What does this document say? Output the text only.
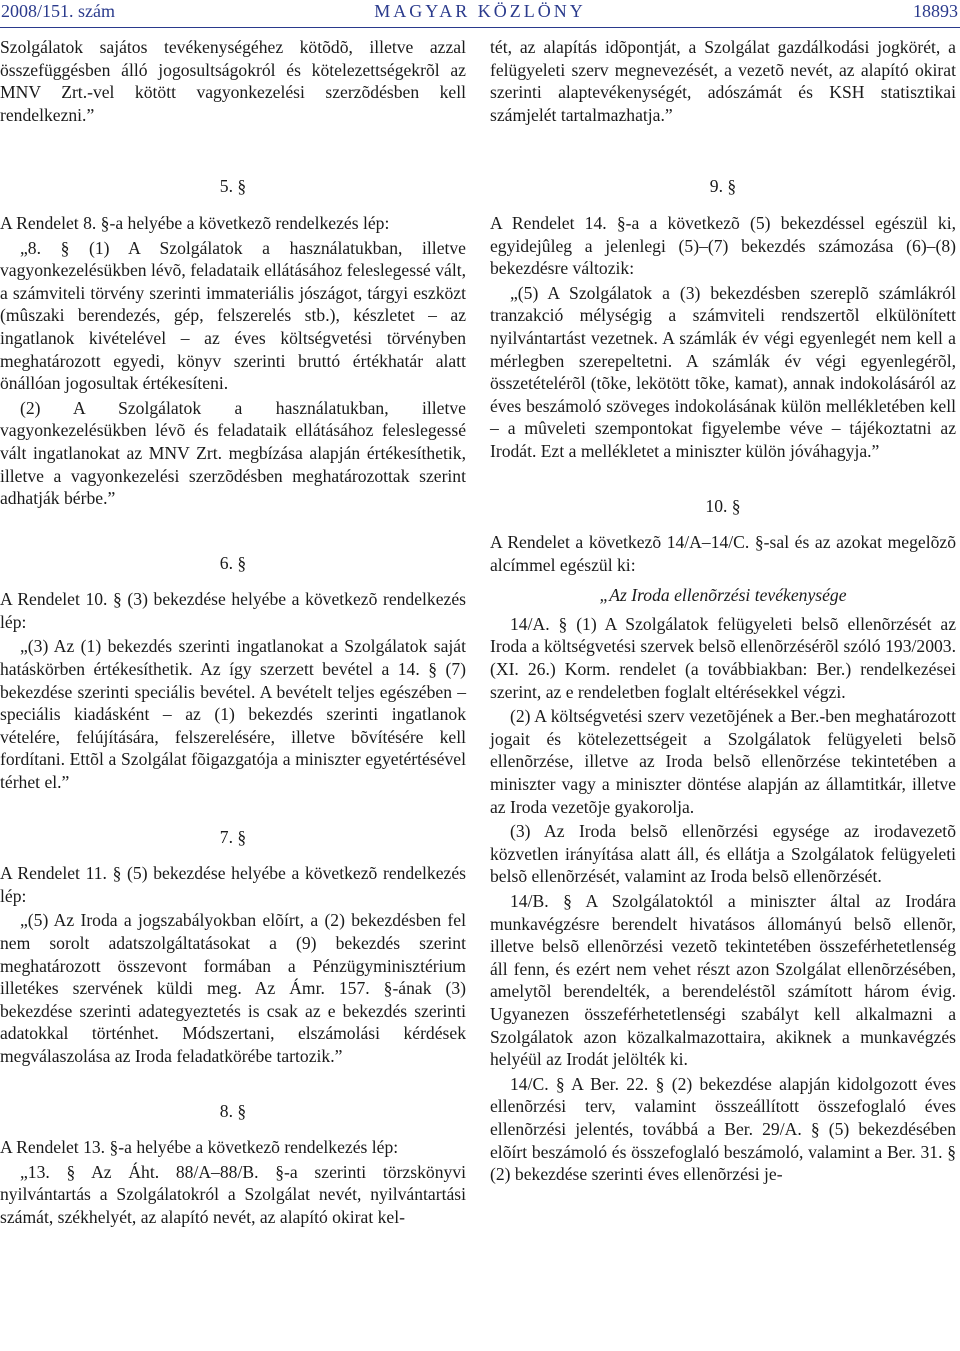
2008/151. szám	MAGYAR KÖZLÖNY	18893

Szolgálatok sajátos tevékenységéhez kötõdõ, illetve azzal összefüggésben álló jogosultságokról és kötelezettségekrõl az MNV Zrt.-vel kötött vagyonkezelési szerzõdésben kell rendelkezni.”

5. §

A Rendelet 8. §-a helyébe a következõ rendelkezés lép:

„8. § (1) A Szolgálatok a használatukban, illetve vagyonkezelésükben lévõ, feladataik ellátásához feleslegessé vált, a számviteli törvény szerinti immateriális jószágot, tárgyi eszközt (mûszaki berendezés, gép, felszerelés stb.), készletet – az ingatlanok kivételével – az éves költségvetési törvényben meghatározott egyedi, könyv szerinti bruttó értékhatár alatt önállóan jogosultak értékesíteni.

(2) A Szolgálatok a használatukban, illetve vagyonkezelésükben lévõ és feladataik ellátásához feleslegessé vált ingatlanokat az MNV Zrt. megbízása alapján értékesíthetik, illetve a vagyonkezelési szerzõdésben meghatározottak szerint adhatják bérbe.”

6. §

A Rendelet 10. § (3) bekezdése helyébe a következõ rendelkezés lép:

„(3) Az (1) bekezdés szerinti ingatlanokat a Szolgálatok saját hatáskörben értékesíthetik. Az így szerzett bevétel a 14. § (7) bekezdése szerinti speciális bevétel. A bevételt teljes egészében – speciális kiadásként – az (1) bekezdés szerinti ingatlanok vételére, felújítására, felszerelésére, illetve bõvítésére kell fordítani. Ettõl a Szolgálat fõigazgatója a miniszter egyetértésével térhet el.”

7. §

A Rendelet 11. § (5) bekezdése helyébe a következõ rendelkezés lép:

„(5) Az Iroda a jogszabályokban elõírt, a (2) bekezdésben fel nem sorolt adatszolgáltatásokat a (9) bekezdés szerint meghatározott összevont formában a Pénzügyminisztérium illetékes szervének küldi meg. Az Ámr. 157. §-ának (3) bekezdése szerinti adategyeztetés is csak az e bekezdés szerinti adatokkal történhet. Módszertani, elszámolási kérdések megválaszolása az Iroda feladatkörébe tartozik.”

8. §

A Rendelet 13. §-a helyébe a következõ rendelkezés lép:

„13. § Az Áht. 88/A–88/B. §-a szerinti törzskönyvi nyilvántartás a Szolgálatokról a Szolgálat nevét, nyilvántartási számát, székhelyét, az alapító nevét, az alapító okirat kel-

tét, az alapítás idõpontját, a Szolgálat gazdálkodási jogkörét, a felügyeleti szerv megnevezését, a vezetõ nevét, az alapító okirat szerinti alaptevékenységét, adószámát és KSH statisztikai számjelét tartalmazhatja.”

9. §

A Rendelet 14. §-a a következõ (5) bekezdéssel egészül ki, egyidejûleg a jelenlegi (5)–(7) bekezdés számozása (6)–(8) bekezdésre változik:

„(5) A Szolgálatok a (3) bekezdésben szereplõ számlákról tranzakció mélységig a számviteli rendszertõl elkülönített nyilvántartást vezetnek. A számlák év végi egyenlegét nem kell a mérlegben szerepeltetni. A számlák év végi egyenlegérõl, összetételérõl (tõke, lekötött tõke, kamat), annak indokolásáról az éves beszámoló szöveges indokolásának külön mellékletében kell – a mûveleti szempontokat figyelembe véve – tájékoztatni az Irodát. Ezt a mellékletet a miniszter külön jóváhagyja.”

10. §

A Rendelet a következõ 14/A–14/C. §-sal és az azokat megelõzõ alcímmel egészül ki:

„Az Iroda ellenõrzési tevékenysége

14/A. § (1) A Szolgálatok felügyeleti belsõ ellenõrzését az Iroda a költségvetési szervek belsõ ellenõrzésérõl szóló 193/2003. (XI. 26.) Korm. rendelet (a továbbiakban: Ber.) rendelkezései szerint, az e rendeletben foglalt eltérésekkel végzi.

(2) A költségvetési szerv vezetõjének a Ber.-ben meghatározott jogait és kötelezettségeit a Szolgálatok felügyeleti belsõ ellenõrzése, illetve az Iroda belsõ ellenõrzése tekintetében a miniszter vagy a miniszter döntése alapján az államtitkár, illetve az Iroda vezetõje gyakorolja.

(3) Az Iroda belsõ ellenõrzési egysége az irodavezetõ közvetlen irányítása alatt áll, és ellátja a Szolgálatok felügyeleti belsõ ellenõrzését, valamint az Iroda belsõ ellenõrzését.

14/B. § A Szolgálatoktól a miniszter által az Irodára munkavégzésre berendelt hivatásos állományú belsõ ellenõr, illetve belsõ ellenõrzési vezetõ tekintetében összeférhetetlenség áll fenn, és ezért nem vehet részt azon Szolgálat ellenõrzésében, amelytõl berendelték, a berendeléstõl számított három évig. Ugyanezen összeférhetetlenségi szabályt kell alkalmazni a Szolgálatok azon közalkalmazottaira, akiknek a munkavégzés helyéül az Irodát jelölték ki.

14/C. § A Ber. 22. § (2) bekezdése alapján kidolgozott éves ellenõrzési terv, valamint összeállított összefoglaló éves ellenõrzési jelentés, továbbá a Ber. 29/A. § (5) bekezdésében elõírt beszámoló és összefoglaló beszámoló, valamint a Ber. 31. § (2) bekezdése szerinti éves ellenõrzési je-
